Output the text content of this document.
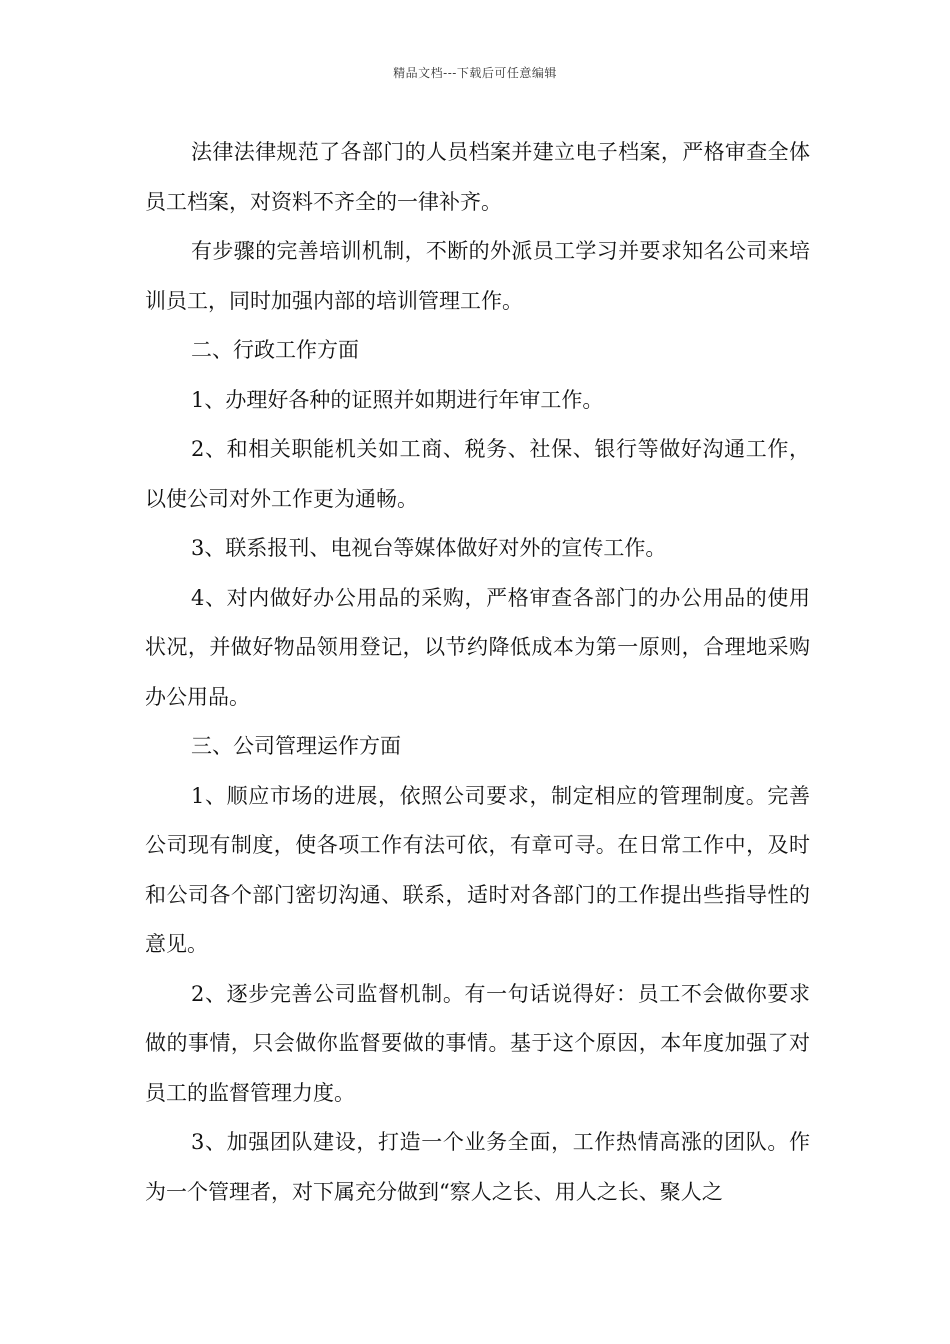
精品文档---下载后可任意编辑

法律法律规范了各部门的人员档案并建立电子档案，严格审查全体员工档案，对资料不齐全的一律补齐。

有步骤的完善培训机制，不断的外派员工学习并要求知名公司来培训员工，同时加强内部的培训管理工作。

二、行政工作方面

1、办理好各种的证照并如期进行年审工作。

2、和相关职能机关如工商、税务、社保、银行等做好沟通工作，以使公司对外工作更为通畅。

3、联系报刊、电视台等媒体做好对外的宣传工作。

4、对内做好办公用品的采购，严格审查各部门的办公用品的使用状况，并做好物品领用登记，以节约降低成本为第一原则，合理地采购办公用品。

三、公司管理运作方面

1、顺应市场的进展，依照公司要求，制定相应的管理制度。完善公司现有制度，使各项工作有法可依，有章可寻。在日常工作中，及时和公司各个部门密切沟通、联系，适时对各部门的工作提出些指导性的意见。

2、逐步完善公司监督机制。有一句话说得好：员工不会做你要求做的事情，只会做你监督要做的事情。基于这个原因，本年度加强了对员工的监督管理力度。

3、加强团队建设，打造一个业务全面，工作热情高涨的团队。作为一个管理者，对下属充分做到“察人之长、用人之长、聚人之
